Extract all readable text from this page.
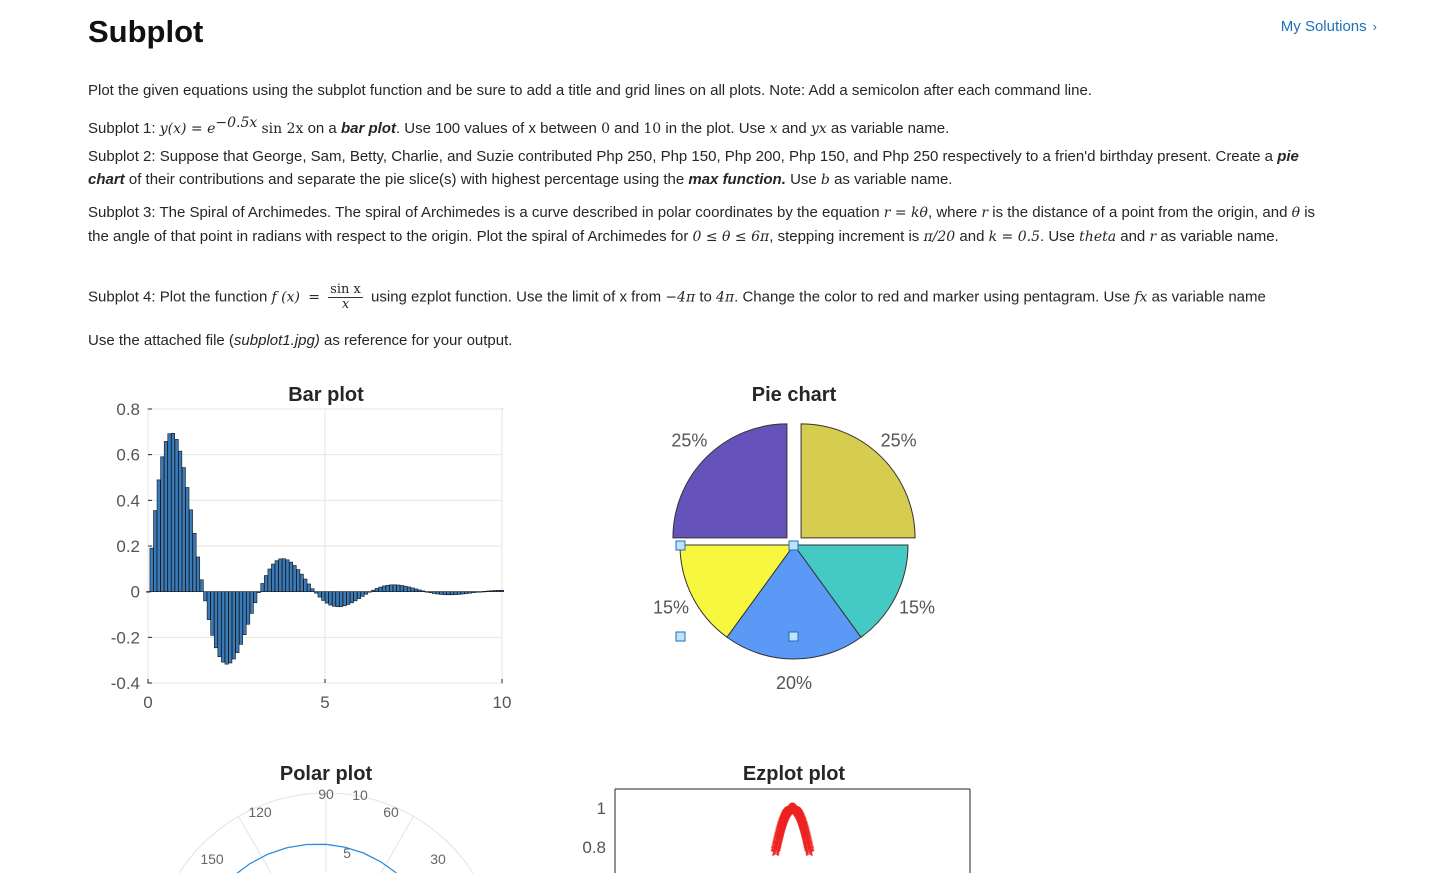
Subplot	My Solutions ›

Plot the given equations using the subplot function and be sure to add a title and grid lines on all plots. Note: Add a semicolon after each command line.

Subplot 1: $y(x) = e^{-0.5x}$ sin 2x on a bar plot. Use 100 values of x between 0 and 10 in the plot. Use x and yx as variable name.

Subplot 2: Suppose that George, Sam, Betty, Charlie, and Suzie contributed Php 250, Php 150, Php 200, Php 150, and Php 250 respectively to a frien'd birthday present. Create a pie chart of their contributions and separate the pie slice(s) with highest percentage using the max function. Use b as variable name.

Subplot 3: The Spiral of Archimedes. The spiral of Archimedes is a curve described in polar coordinates by the equation r = kθ, where r is the distance of a point from the origin, and θ is the angle of that point in radians with respect to the origin. Plot the spiral of Archimedes for 0 ≤ θ ≤ 6π, stepping increment is π/20 and k = 0.5. Use theta and r as variable name.

Subplot 4: Plot the function f $(x) = \frac{\text{sin x}}{x}$ using ezplot function. Use the limit of x from −4π to 4π. Change the color to red and marker using pentagram. Use fx as variable name

Use the attached file (subplot1.jpg) as reference for your output.

Bar plot
0.8
0.6
0.4
0.2
0
-0.2
-0.4
0	5	10
Pie chart
25%
15%
20%
15%
25%
Polar plot
90
120	60
150	30
10
5
Ezplot plot
1
0.8
